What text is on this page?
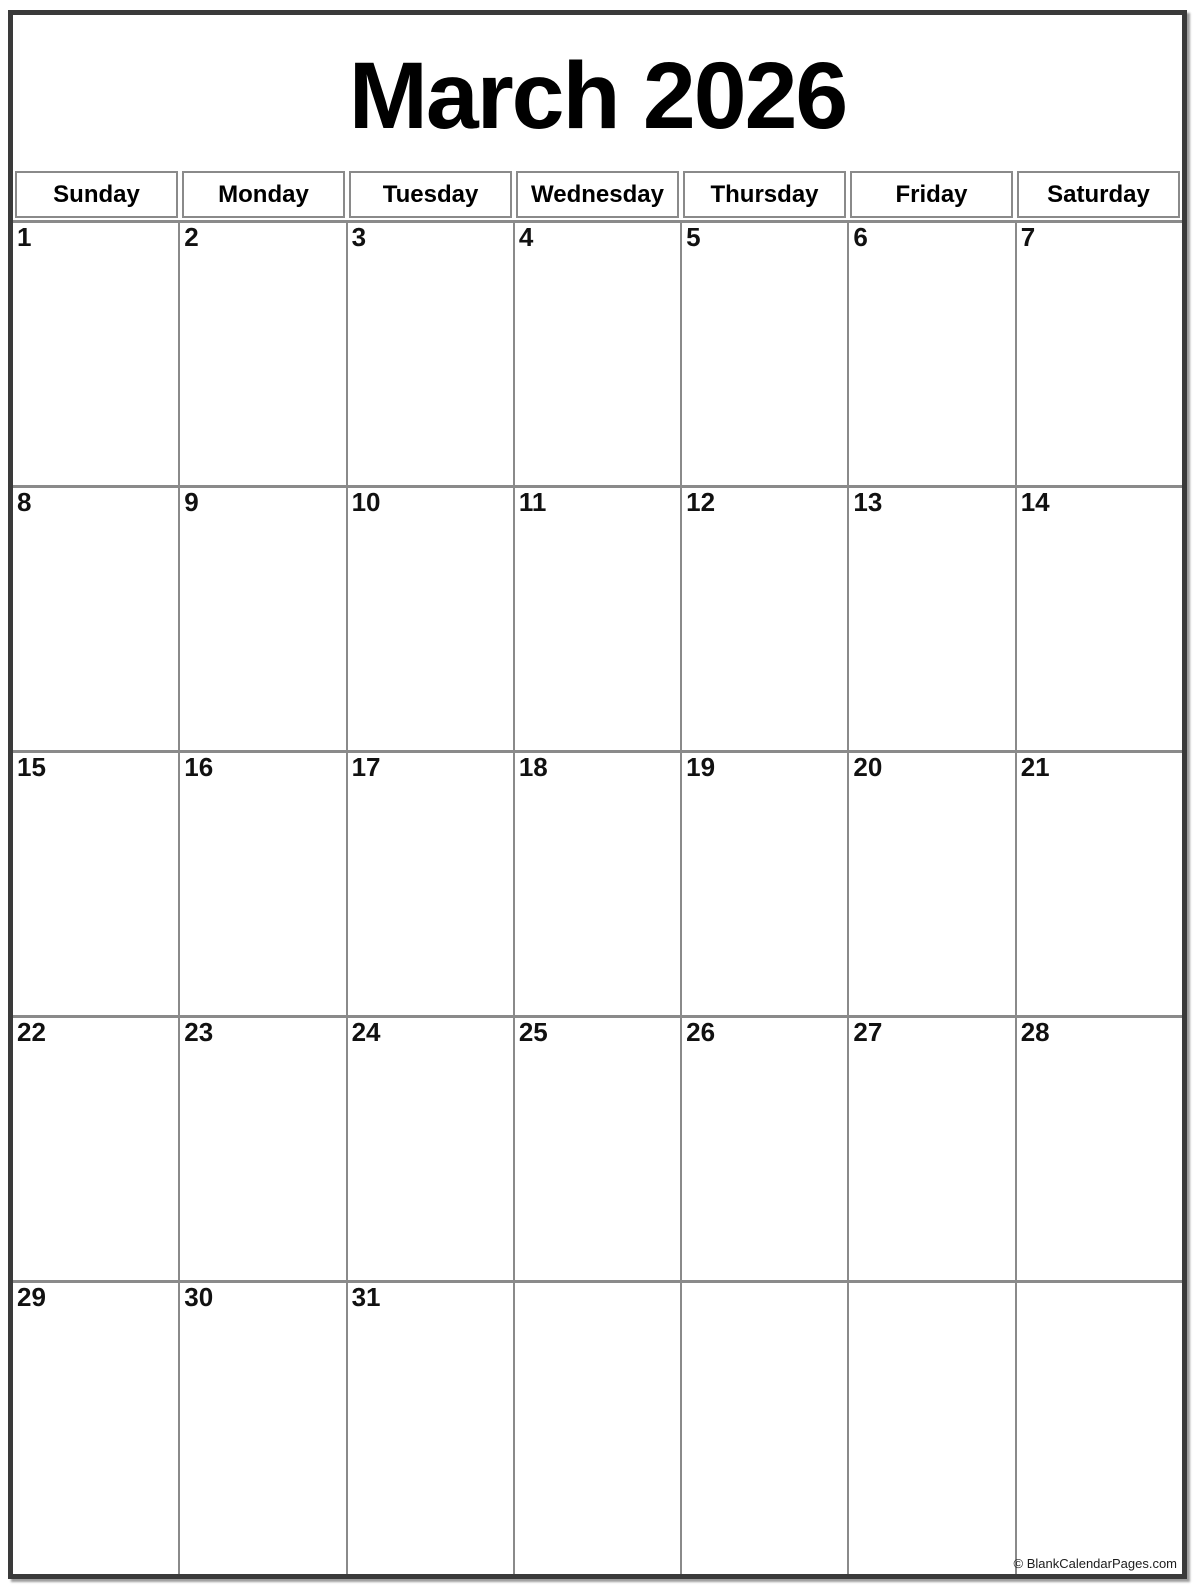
March 2026
Sunday	Monday	Tuesday	Wednesday	Thursday	Friday	Saturday
1	2	3	4	5	6	7
8	9	10	11	12	13	14
15	16	17	18	19	20	21
22	23	24	25	26	27	28
29	30	31
© BlankCalendarPages.com
